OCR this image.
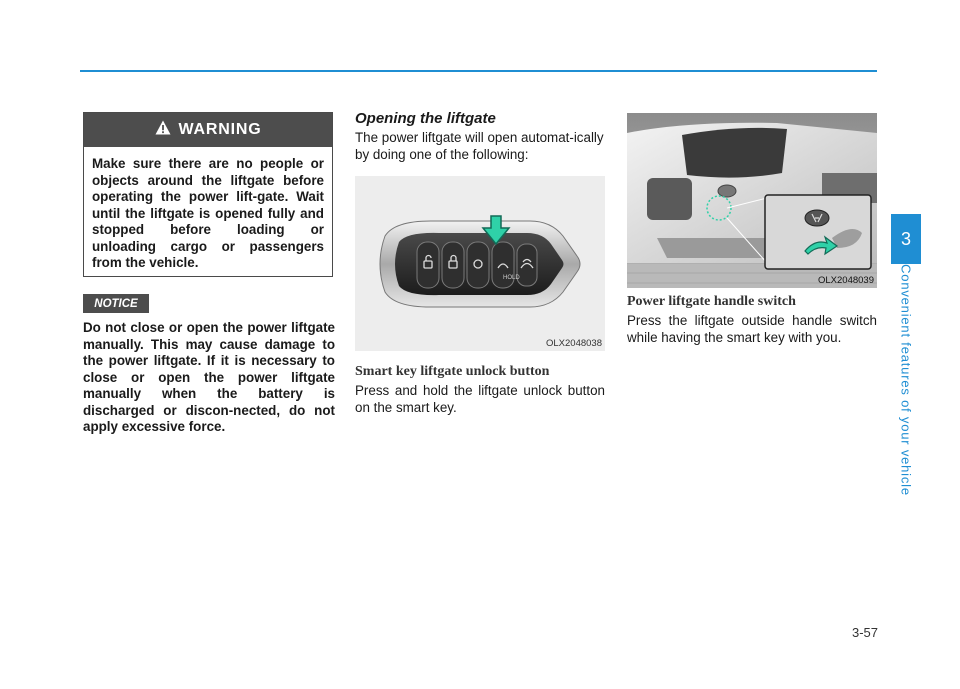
3
Convenient features of your vehicle
3-57
WARNING

Make sure there are no people or objects around the liftgate before operating the power lift-gate. Wait until the liftgate is opened fully and stopped before loading or unloading cargo or passengers from the vehicle.

NOTICE

Do not close or open the power liftgate manually. This may cause damage to the power liftgate. If it is necessary to close or open the power liftgate manually when the battery is discharged or discon-nected, do not apply excessive force.

Opening the liftgate

The power liftgate will open automat-ically by doing one of the following:

HOLD
OLX2048038
Smart key liftgate unlock button

Press and hold the liftgate unlock button on the smart key.

OLX2048039
Power liftgate handle switch

Press the liftgate outside handle switch while having the smart key with you.
